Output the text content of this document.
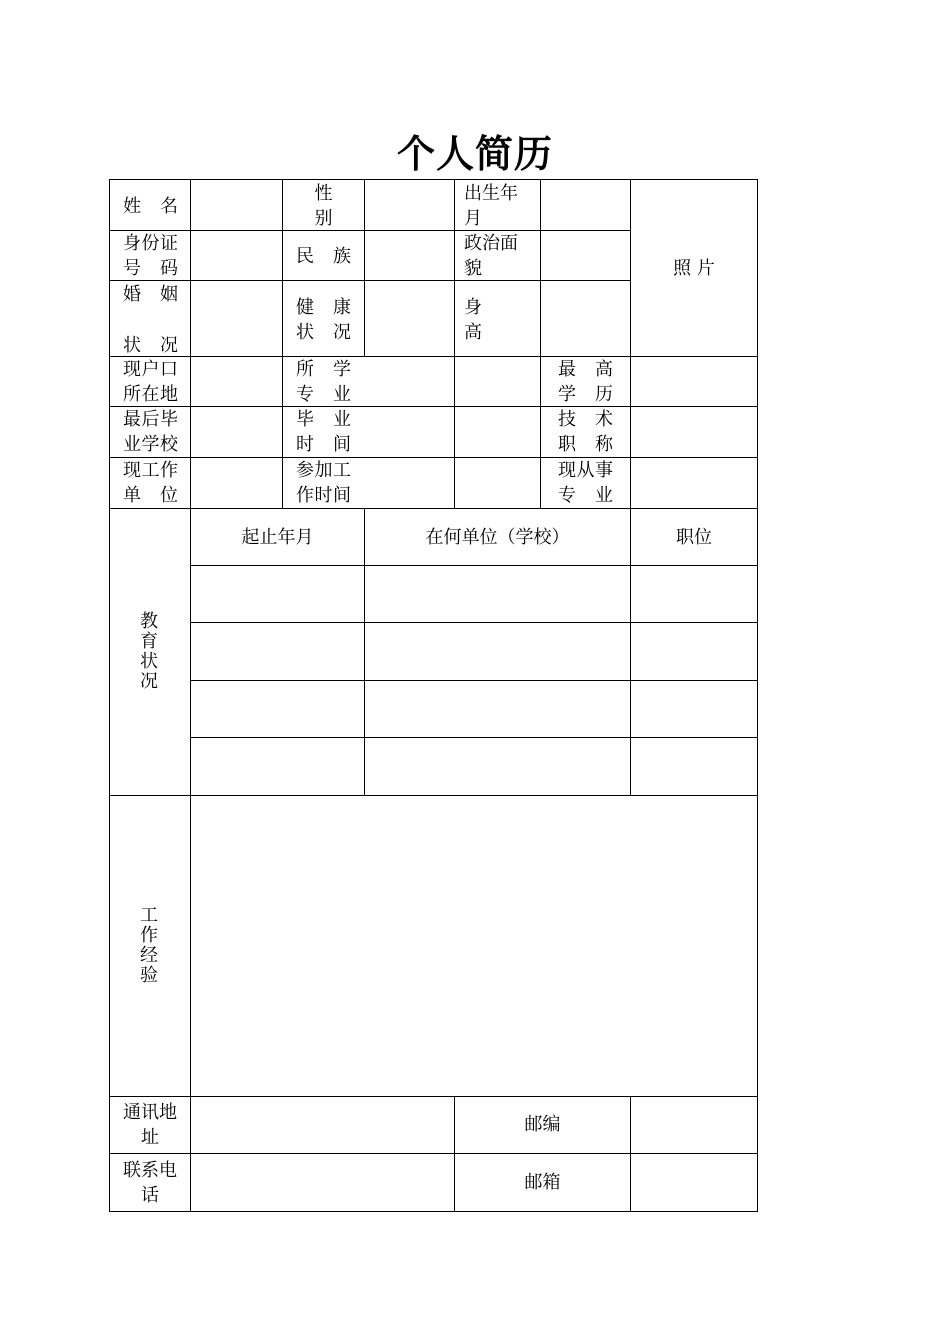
个人简历
姓　名
性
别
出生年
月
照 片
身份证
号　码
民　族
政治面
貌
婚　姻
状　况
健　康
状　况
身
高
现户口
所在地
所　学
专　业
最　高
学　历
最后毕
业学校
毕　业
时　间
技　术
职　称
现工作
单　位
参加工
作时间
现从事
专　业
教育状况
起止年月	在何单位（学校）	职位
工作经验
通讯地
址
邮编
联系电
话
邮箱
